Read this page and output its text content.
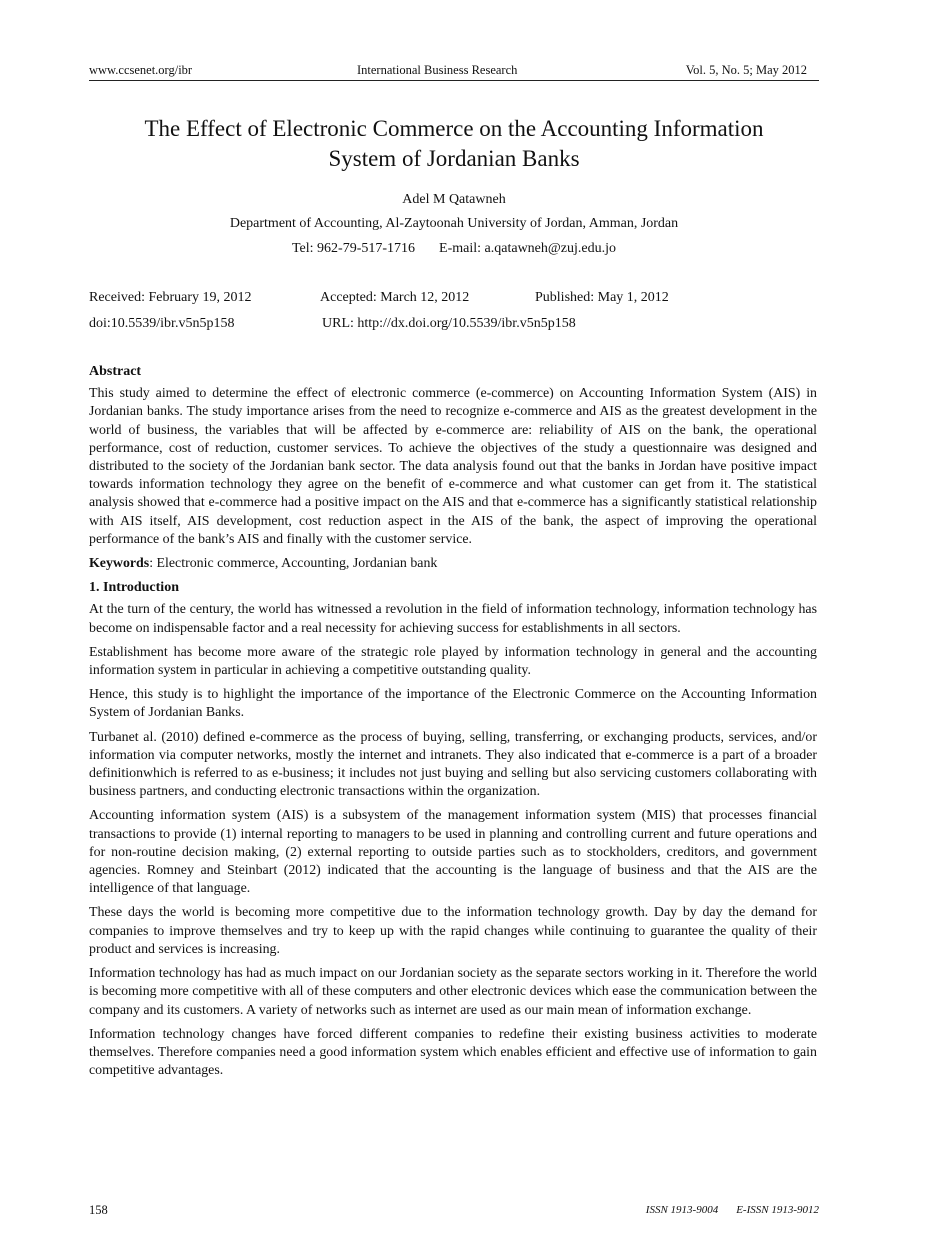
www.ccsenet.org/ibr	International Business Research	Vol. 5, No. 5; May 2012
The Effect of Electronic Commerce on the Accounting Information
System of Jordanian Banks
Adel M Qatawneh
Department of Accounting, Al-Zaytoonah University of Jordan, Amman, Jordan
Tel: 962-79-517-1716 E-mail: a.qatawneh@zuj.edu.jo
Received: February 19, 2012	Accepted: March 12, 2012	Published: May 1, 2012
doi:10.5539/ibr.v5n5p158	URL: http://dx.doi.org/10.5539/ibr.v5n5p158
Abstract

This study aimed to determine the effect of electronic commerce (e-commerce) on Accounting Information System (AIS) in Jordanian banks. The study importance arises from the need to recognize e-commerce and AIS as the greatest development in the world of business, the variables that will be affected by e-commerce are: reliability of AIS on the bank, the operational performance, cost of reduction, customer services. To achieve the objectives of the study a questionnaire was designed and distributed to the society of the Jordanian bank sector. The data analysis found out that the banks in Jordan have positive impact towards information technology they agree on the benefit of e-commerce and what customer can get from it. The statistical analysis showed that e-commerce had a positive impact on the AIS and that e-commerce has a significantly statistical relationship with AIS itself, AIS development, cost reduction aspect in the AIS of the bank, the aspect of improving the operational performance of the bank’s AIS and finally with the customer service.

Keywords: Electronic commerce, Accounting, Jordanian bank

1. Introduction

At the turn of the century, the world has witnessed a revolution in the field of information technology, information technology has become on indispensable factor and a real necessity for achieving success for establishments in all sectors.

Establishment has become more aware of the strategic role played by information technology in general and the accounting information system in particular in achieving a competitive outstanding quality.

Hence, this study is to highlight the importance of the importance of the Electronic Commerce on the Accounting Information System of Jordanian Banks.

Turbanet al. (2010) defined e-commerce as the process of buying, selling, transferring, or exchanging products, services, and/or information via computer networks, mostly the internet and intranets. They also indicated that e-commerce is a part of a broader definitionwhich is referred to as e-business; it includes not just buying and selling but also servicing customers collaborating with business partners, and conducting electronic transactions within the organization.

Accounting information system (AIS) is a subsystem of the management information system (MIS) that processes financial transactions to provide (1) internal reporting to managers to be used in planning and controlling current and future operations and for non-routine decision making, (2) external reporting to outside parties such as to stockholders, creditors, and government agencies. Romney and Steinbart (2012) indicated that the accounting is the language of business and that the AIS are the intelligence of that language.

These days the world is becoming more competitive due to the information technology growth. Day by day the demand for companies to improve themselves and try to keep up with the rapid changes while continuing to guarantee the quality of their product and services is increasing.

Information technology has had as much impact on our Jordanian society as the separate sectors working in it. Therefore the world is becoming more competitive with all of these computers and other electronic devices which ease the communication between the company and its customers. A variety of networks such as internet are used as our main mean of information exchange.

Information technology changes have forced different companies to redefine their existing business activities to moderate themselves. Therefore companies need a good information system which enables efficient and effective use of information to gain competitive advantages.

158	ISSN 1913-9004 E-ISSN 1913-9012
